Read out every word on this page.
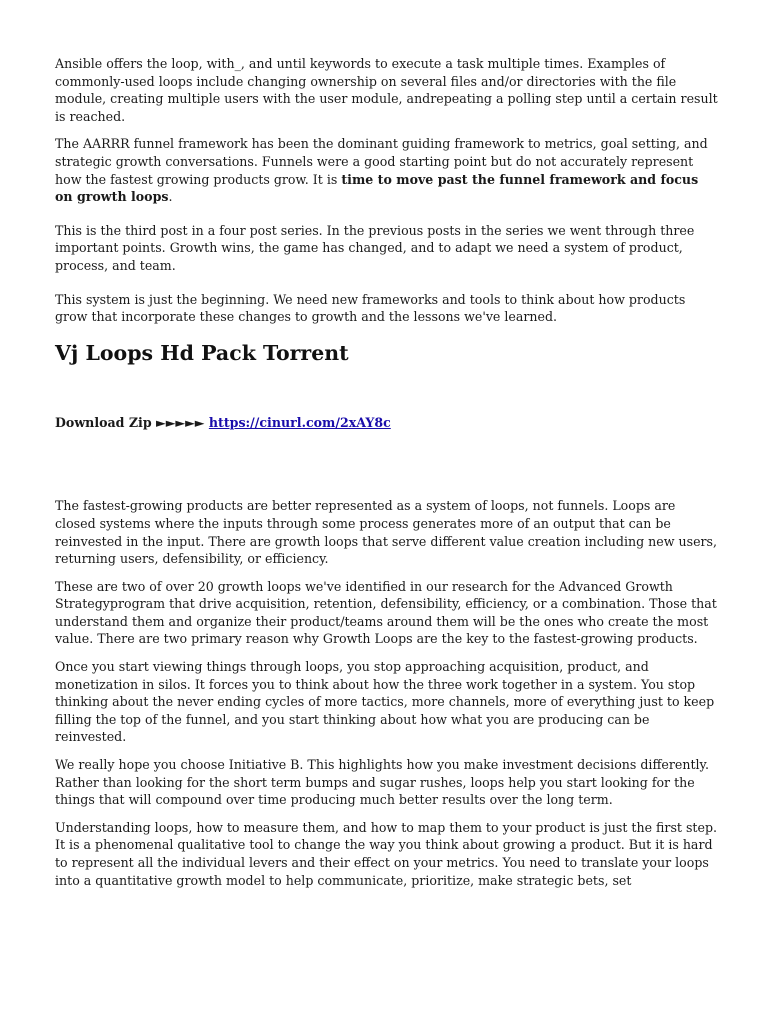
Ansible offers the loop, with_, and until keywords to execute a task multiple times. Examples of commonly-used loops include changing ownership on several files and/or directories with the file module, creating multiple users with the user module, andrepeating a polling step until a certain result is reached.

The AARRR funnel framework has been the dominant guiding framework to metrics, goal setting, and strategic growth conversations. Funnels were a good starting point but do not accurately represent how the fastest growing products grow. It is time to move past the funnel framework and focus on growth loops.

This is the third post in a four post series. In the previous posts in the series we went through three important points. Growth wins, the game has changed, and to adapt we need a system of product, process, and team.

This system is just the beginning. We need new frameworks and tools to think about how products grow that incorporate these changes to growth and the lessons we've learned.

Vj Loops Hd Pack Torrent

Download Zip ►►►►► https://cinurl.com/2xAY8c

The fastest-growing products are better represented as a system of loops, not funnels. Loops are closed systems where the inputs through some process generates more of an output that can be reinvested in the input. There are growth loops that serve different value creation including new users, returning users, defensibility, or efficiency.

These are two of over 20 growth loops we've identified in our research for the Advanced Growth Strategyprogram that drive acquisition, retention, defensibility, efficiency, or a combination. Those that understand them and organize their product/teams around them will be the ones who create the most value. There are two primary reason why Growth Loops are the key to the fastest-growing products.

Once you start viewing things through loops, you stop approaching acquisition, product, and monetization in silos. It forces you to think about how the three work together in a system. You stop thinking about the never ending cycles of more tactics, more channels, more of everything just to keep filling the top of the funnel, and you start thinking about how what you are producing can be reinvested.

We really hope you choose Initiative B. This highlights how you make investment decisions differently. Rather than looking for the short term bumps and sugar rushes, loops help you start looking for the things that will compound over time producing much better results over the long term.

Understanding loops, how to measure them, and how to map them to your product is just the first step. It is a phenomenal qualitative tool to change the way you think about growing a product. But it is hard to represent all the individual levers and their effect on your metrics. You need to translate your loops into a quantitative growth model to help communicate, prioritize, make strategic bets, set
